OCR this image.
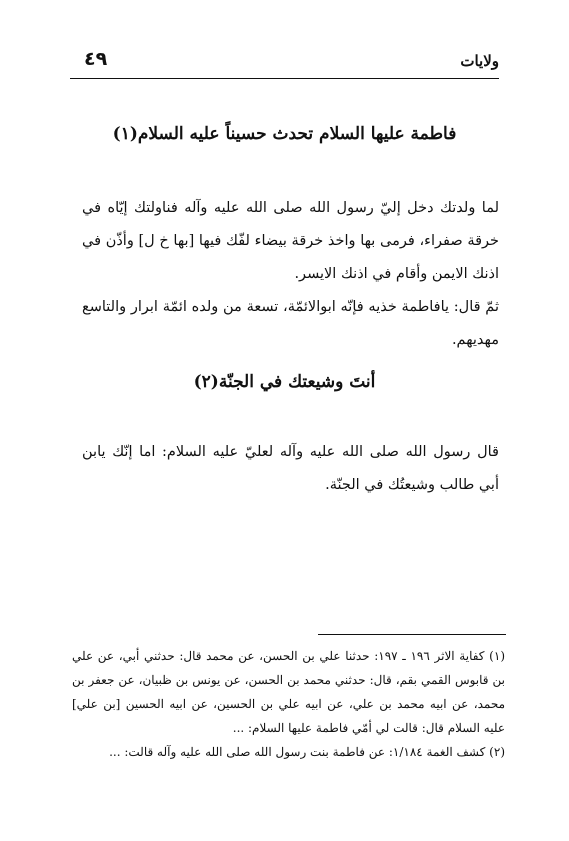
٤٩	ولايات
فاطمة عليها السلام تحدث حسيناً عليه السلام(١)

لما ولدتك دخل إليّ رسول الله صلى الله عليه وآله فناولتك إيّاه في خرقة صفراء، فرمى بها واخذ خرقة بيضاء لفّك فيها [بها خ ل] وأذّن في اذنك الايمن وأقام في اذنك الايسر.

ثمّ قال: يافاطمة خذيه فإنّه ابوالائمّة، تسعة من ولده ائمّة ابرار والتاسع مهديهم.

أنتَ وشيعتك في الجنّة(٢)

قال رسول الله صلى الله عليه وآله لعليّ عليه السلام: اما إنّك يابن أبي طالب وشيعتُك في الجنّة.

(١) كفاية الاثر ١٩٦ ـ ١٩٧: حدثنا علي بن الحسن، عن محمد قال: حدثني أبي، عن علي بن قابوس القمي بقم، قال: حدثني محمد بن الحسن، عن يونس بن ظبيان، عن جعفر بن محمد، عن ابيه محمد بن علي، عن ابيه علي بن الحسين، عن ابيه الحسين [بن علي] عليه السلام قال: قالت لي أمّي فاطمة عليها السلام: ...

(٢) كشف الغمة ١/١٨٤: عن فاطمة بنت رسول الله صلى الله عليه وآله قالت: ...
